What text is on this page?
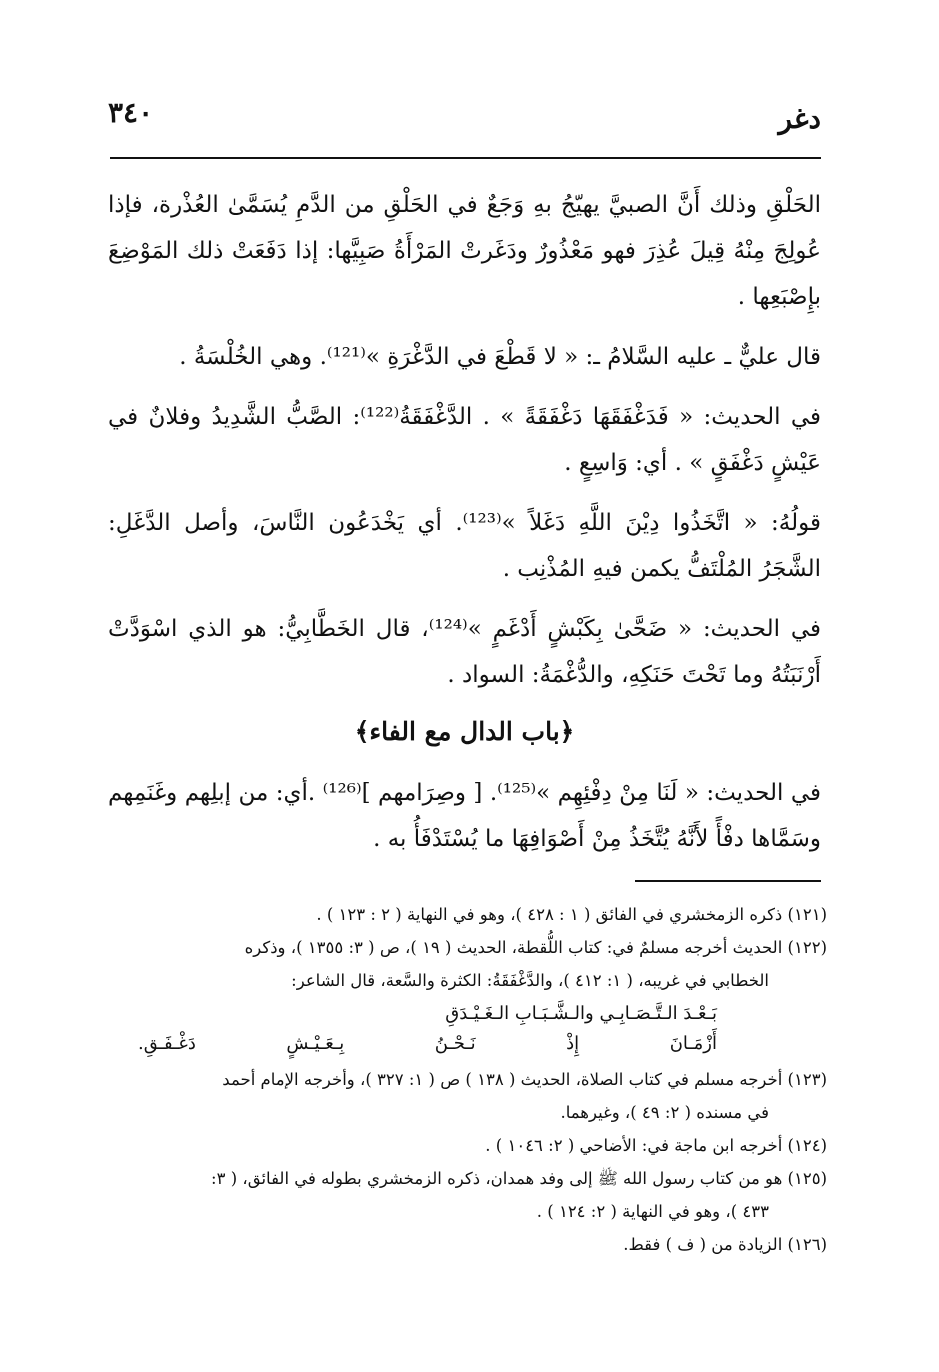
دغر
٣٤٠

الحَلْقِ وذلك أَنَّ الصبيَّ يهيّجُ بهِ وَجَعٌ في الحَلْقِ من الدَّمِ يُسَمَّىٰ العُذْرة، فإذا عُولِجَ مِنْهُ قِيلَ عُذِرَ فهو مَعْذُورٌ ودَغَرتْ المَرْأَةُ صَبِيَّها: إذا دَفَعَتْ ذلك المَوْضِعَ بإِصْبَعِها .

قال عليٌّ ـ عليه السَّلامُ ـ: « لا قَطْعَ في الدَّغْرَةِ »⁽¹²¹⁾. وهي الخُلْسَةُ .

في الحديث: « فَدَغْفَقَهَا دَغْفَقَةً » . الدَّغْفَقَةُ⁽¹²²⁾: الصَّبُّ الشَّدِيدُ وفلانٌ في عَيْشٍ دَغْفَقٍ » . أي: وَاسِعٍ .

قولُهُ: « اتَّخَذُوا دِيْنَ اللَّهِ دَغَلاً »⁽¹²³⁾. أي يَخْدَعُون النَّاسَ، وأصل الدَّغَلِ: الشَّجَرُ المُلْتَفُّ يكمن فيهِ المُذْنِب .

في الحديث: « ضَحَّىٰ بِكَبْشٍ أَدْغَمٍ »⁽¹²⁴⁾، قال الخَطَّابِيُّ: هو الذي اسْوَدَّتْ أَرْنَبَتُهُ وما تَحْتَ حَنَكِهِ، والدُّغْمَةُ: السواد .

﴿باب الدال مع الفاء﴾

في الحديث: « لَنَا مِنْ دِفْئِهِم »⁽¹²⁵⁾. [ وصِرَامهم ]⁽¹²⁶⁾ .أي: من إبلِهم وغَنَمِهم وسَمَّاها دفْأً لأَنَّهُ يُتَّخَذُ مِنْ أَصْوَافِهَا ما يُسْتَدْفَأُ به .

(١٢١) ذكره الزمخشري في الفائق ( ١ : ٤٢٨ )، وهو في النهاية ( ٢ : ١٢٣ ) .

(١٢٢) الحديث أخرجه مسلمٌ في: كتاب اللُّقطة، الحديث ( ١٩ )، ص ( ٣: ١٣٥٥ )، وذكره

الخطابي في غريبه، ( ١: ٤١٢ )، والدَّغْفَقَةُ: الكثرة والسَّعة، قال الشاعر:

بَـعْـدَ الـتَّـصَـابِـي والـشَّـبَـابِ الـغَـيْـدَقِ
أَزْمَـانَ
إِذْ
نَـحْـنُ
بِـعَـيْـشٍ
دَغْـفَـقِ.

(١٢٣) أخرجه مسلم في كتاب الصلاة، الحديث ( ١٣٨ ) ص ( ١: ٣٢٧ )، وأخرجه الإمام أحمد

في مسنده ( ٢: ٤٩ )، وغيرهما.

(١٢٤) أخرجه ابن ماجة في: الأضاحي ( ٢: ١٠٤٦ ) .

(١٢٥) هو من كتاب رسول الله ﷺ إلى وفد همدان، ذكره الزمخشري بطوله في الفائق، ( ٣:

٤٣٣ )، وهو في النهاية ( ٢: ١٢٤ ) .

(١٢٦) الزيادة من ( ف ) فقط.
